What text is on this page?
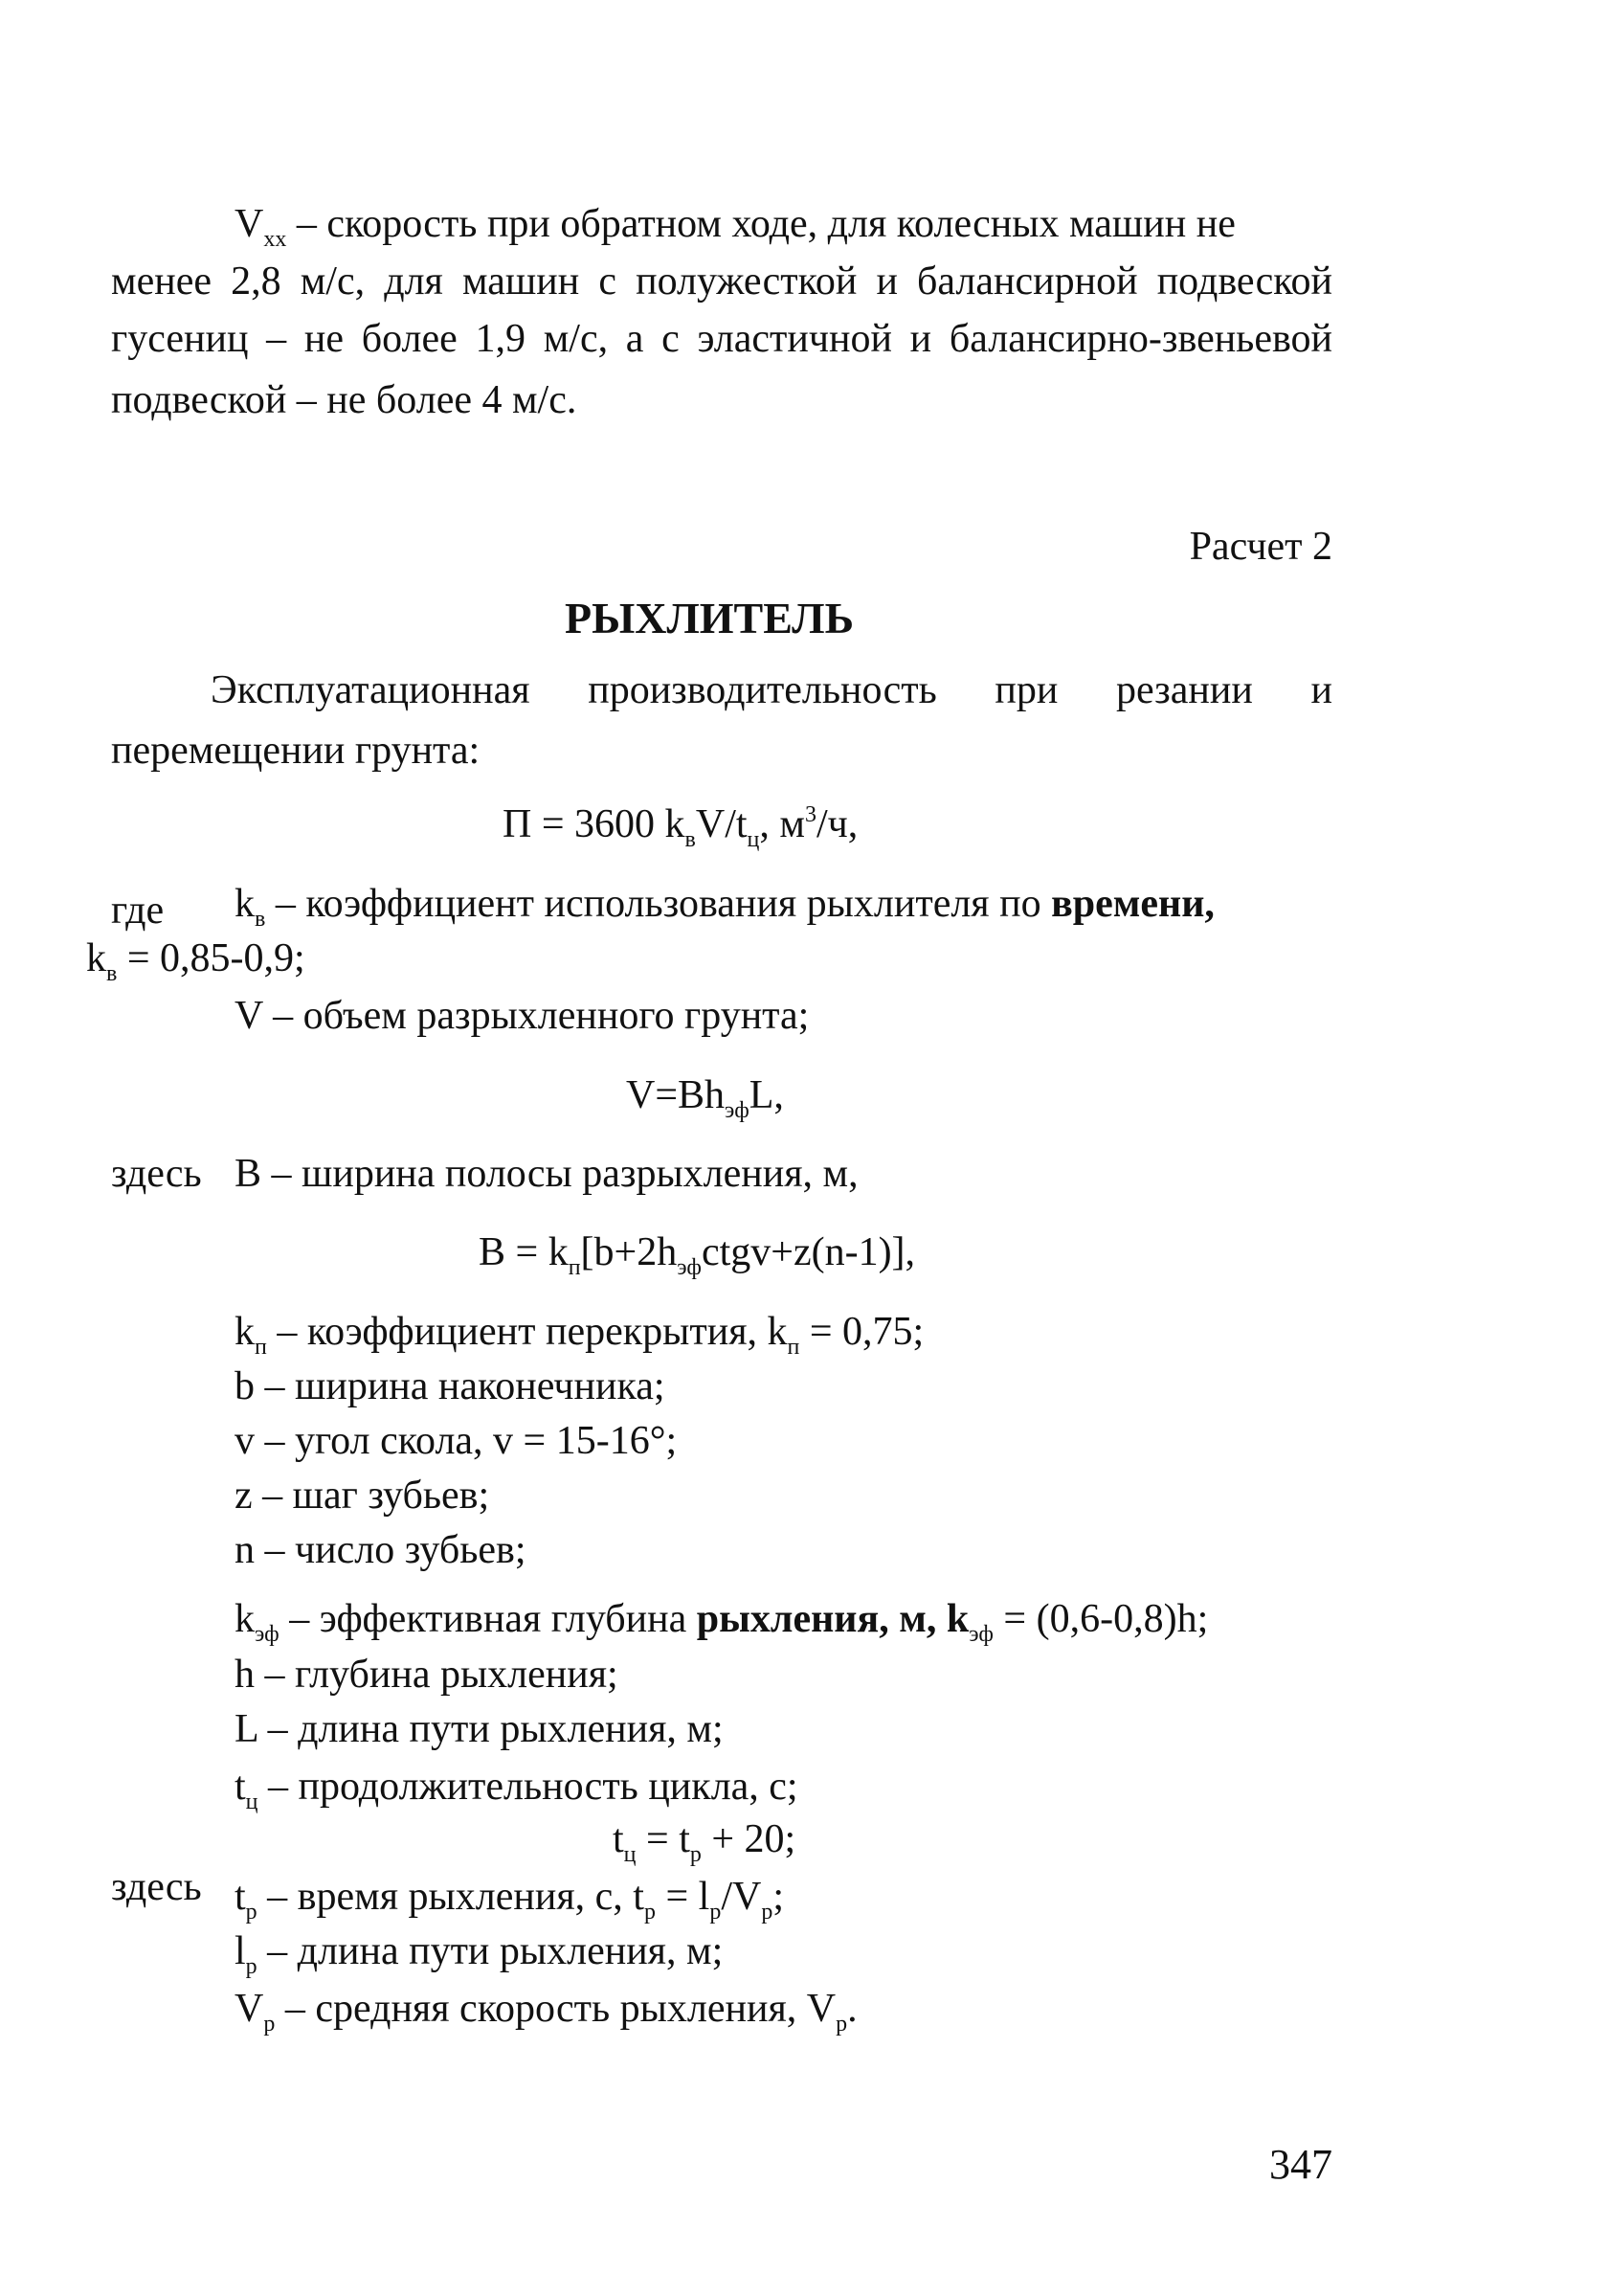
$V_{хх}$ – скорость при обратном ходе, для колесных машин не
менее 2,8 м/с, для машин с полужесткой и балансирной подвеской
гусениц – не более 1,9 м/с, а с эластичной и балансирно-звеньевой
подвеской – не более 4 м/с.
Расчет 2
РЫХЛИТЕЛЬ
Эксплуатационная производительность при резании и
перемещении грунта:
П = 3600 $k_вV/t_ц$, $м^3/ч$,
где $k_в$ – коэффициент использования рыхлителя по времени,
$k_в = 0,85-0,9$;
V – объем разрыхленного грунта;
$V=Bh_{эф}L$,
здесь B – ширина полосы разрыхления, м,
$B = k_п[b+2h_{эф}ctgv+z(n-1)]$,
$k_п$ – коэффициент перекрытия, $k_п = 0,75$;
b – ширина наконечника;
v – угол скола, v = 15-16°;
z – шаг зубьев;
n – число зубьев;
$k_{эф}$ – эффективная глубина рыхления, м, $k_{эф} = (0,6-0,8)h$;
h – глубина рыхления;
L – длина пути рыхления, м;
$t_ц$ – продолжительность цикла, с;
$t_ц = t_р + 20$;
здесь $t_р$ – время рыхления, с, $t_р = l_р/V_р$;
$l_р$ – длина пути рыхления, м;
$V_р$ – средняя скорость рыхления, $V_р$.
347
